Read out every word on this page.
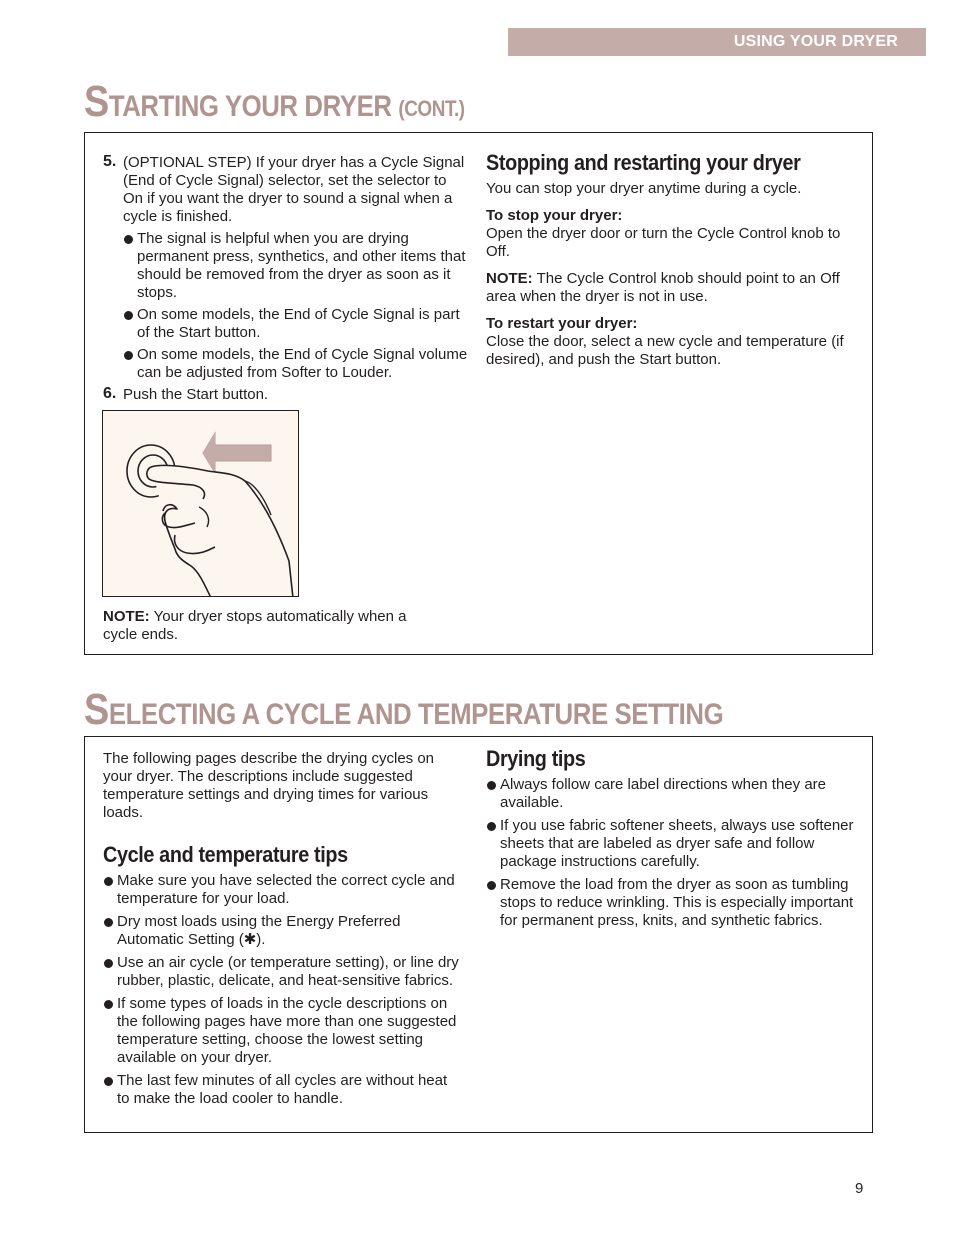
USING YOUR DRYER
STARTING YOUR DRYER (CONT.)
5. (OPTIONAL STEP) If your dryer has a Cycle Signal (End of Cycle Signal) selector, set the selector to On if you want the dryer to sound a signal when a cycle is finished.

The signal is helpful when you are drying permanent press, synthetics, and other items that should be removed from the dryer as soon as it stops.
On some models, the End of Cycle Signal is part of the Start button.
On some models, the End of Cycle Signal volume can be adjusted from Softer to Louder.
6. Push the Start button.

NOTE: Your dryer stops automatically when a cycle ends.

Stopping and restarting your dryer

You can stop your dryer anytime during a cycle.

To stop your dryer:

Open the dryer door or turn the Cycle Control knob to Off.

NOTE: The Cycle Control knob should point to an Off area when the dryer is not in use.

To restart your dryer:

Close the door, select a new cycle and temperature (if desired), and push the Start button.

SELECTING A CYCLE AND TEMPERATURE SETTING

The following pages describe the drying cycles on your dryer. The descriptions include suggested temperature settings and drying times for various loads.

Cycle and temperature tips
Make sure you have selected the correct cycle and temperature for your load.
Dry most loads using the Energy Preferred Automatic Setting (✱).
Use an air cycle (or temperature setting), or line dry rubber, plastic, delicate, and heat-sensitive fabrics.
If some types of loads in the cycle descriptions on the following pages have more than one suggested temperature setting, choose the lowest setting available on your dryer.
The last few minutes of all cycles are without heat to make the load cooler to handle.
Drying tips
Always follow care label directions when they are available.
If you use fabric softener sheets, always use softener sheets that are labeled as dryer safe and follow package instructions carefully.
Remove the load from the dryer as soon as tumbling stops to reduce wrinkling. This is especially important for permanent press, knits, and synthetic fabrics.
9
